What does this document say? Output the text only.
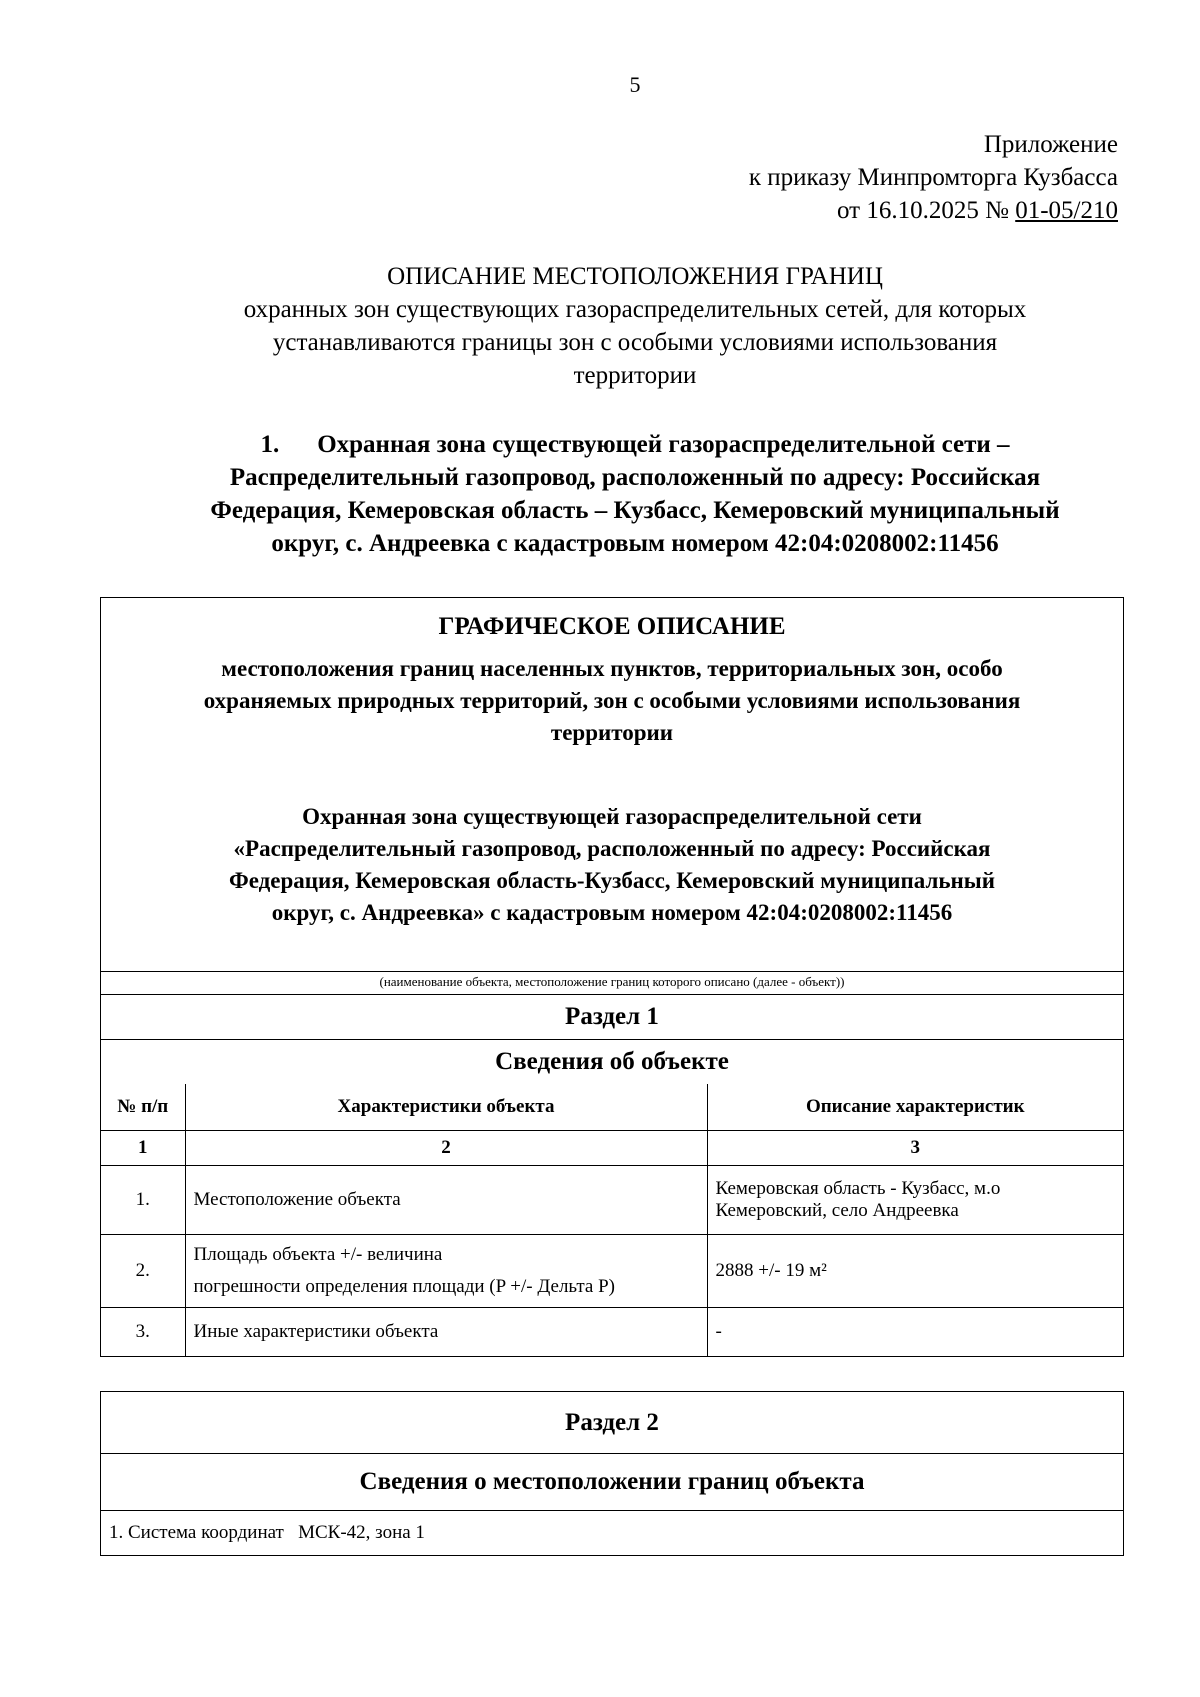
5
Приложение
к приказу Минпромторга Кузбасса
от 16.10.2025 № 01-05/210
ОПИСАНИЕ МЕСТОПОЛОЖЕНИЯ ГРАНИЦ
охранных зон существующих газораспределительных сетей, для которых
устанавливаются границы зон с особыми условиями использования
территории
1. Охранная зона существующей газораспределительной сети –
Распределительный газопровод, расположенный по адресу: Российская
Федерация, Кемеровская область – Кузбасс, Кемеровский муниципальный
округ, с. Андреевка с кадастровым номером 42:04:0208002:11456
ГРАФИЧЕСКОЕ ОПИСАНИЕ
местоположения границ населенных пунктов, территориальных зон, особо
охраняемых природных территорий, зон с особыми условиями использования
территории
Охранная зона существующей газораспределительной сети
«Распределительный газопровод, расположенный по адресу: Российская
Федерация, Кемеровская область-Кузбасс, Кемеровский муниципальный
округ, с. Андреевка» с кадастровым номером 42:04:0208002:11456
(наименование объекта, местоположение границ которого описано (далее - объект))
Раздел 1
Сведения об объекте
№ п/п	Характеристики объекта	Описание характеристик
1	2	3
1.	Местоположение объекта	Кемеровская область - Кузбасс, м.о
Кемеровский, село Андреевка

2.	Площадь объекта +/- величина
погрешности определения площади (P +/- Дельта P)	2888 +/- 19 м²
3.	Иные характеристики объекта	-
Раздел 2
Сведения о местоположении границ объекта
1. Система координат МСК-42, зона 1
